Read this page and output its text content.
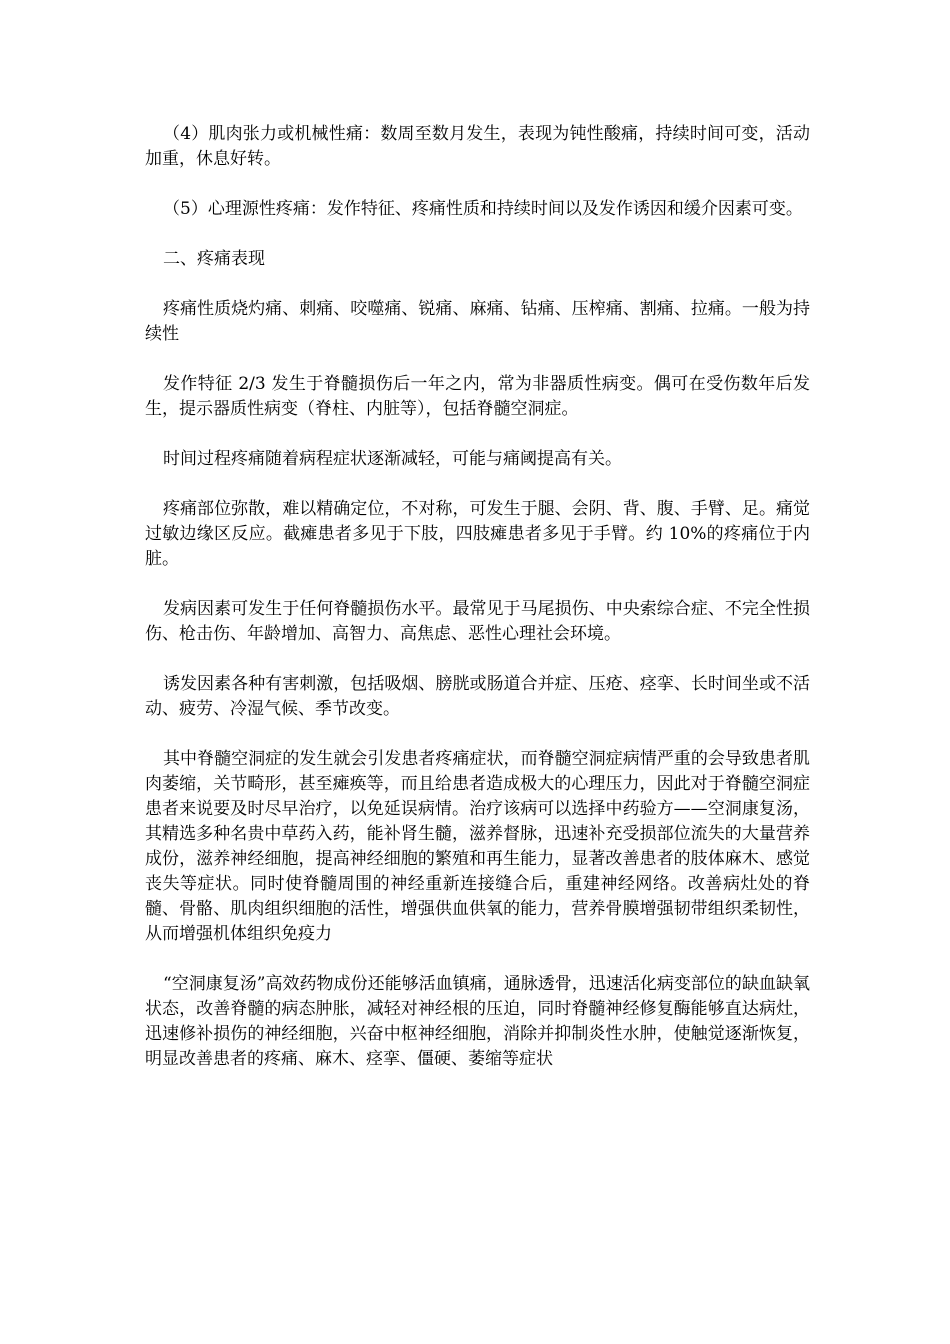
（4）肌肉张力或机械性痛：数周至数月发生，表现为钝性酸痛，持续时间可变，活动加重，休息好转。

（5）心理源性疼痛：发作特征、疼痛性质和持续时间以及发作诱因和缓介因素可变。

二、疼痛表现

疼痛性质烧灼痛、刺痛、咬噬痛、锐痛、麻痛、钻痛、压榨痛、割痛、拉痛。一般为持续性

发作特征 2/3 发生于脊髓损伤后一年之内，常为非器质性病变。偶可在受伤数年后发生，提示器质性病变（脊柱、内脏等），包括脊髓空洞症。

时间过程疼痛随着病程症状逐渐减轻，可能与痛阈提高有关。

疼痛部位弥散，难以精确定位，不对称，可发生于腿、会阴、背、腹、手臂、足。痛觉过敏边缘区反应。截瘫患者多见于下肢，四肢瘫患者多见于手臂。约 10%的疼痛位于内脏。

发病因素可发生于任何脊髓损伤水平。最常见于马尾损伤、中央索综合症、不完全性损伤、枪击伤、年龄增加、高智力、高焦虑、恶性心理社会环境。

诱发因素各种有害刺激，包括吸烟、膀胱或肠道合并症、压疮、痉挛、长时间坐或不活动、疲劳、冷湿气候、季节改变。

其中脊髓空洞症的发生就会引发患者疼痛症状，而脊髓空洞症病情严重的会导致患者肌肉萎缩，关节畸形，甚至瘫痪等，而且给患者造成极大的心理压力，因此对于脊髓空洞症患者来说要及时尽早治疗，以免延误病情。治疗该病可以选择中药验方——空洞康复汤，其精选多种名贵中草药入药，能补肾生髓，滋养督脉，迅速补充受损部位流失的大量营养成份，滋养神经细胞，提高神经细胞的繁殖和再生能力，显著改善患者的肢体麻木、感觉丧失等症状。同时使脊髓周围的神经重新连接缝合后，重建神经网络。改善病灶处的脊髓、骨骼、肌肉组织细胞的活性，增强供血供氧的能力，营养骨膜增强韧带组织柔韧性，从而增强机体组织免疫力

“空洞康复汤”高效药物成份还能够活血镇痛，通脉透骨，迅速活化病变部位的缺血缺氧状态，改善脊髓的病态肿胀，减轻对神经根的压迫，同时脊髓神经修复酶能够直达病灶，迅速修补损伤的神经细胞，兴奋中枢神经细胞，消除并抑制炎性水肿，使触觉逐渐恢复，明显改善患者的疼痛、麻木、痉挛、僵硬、萎缩等症状
